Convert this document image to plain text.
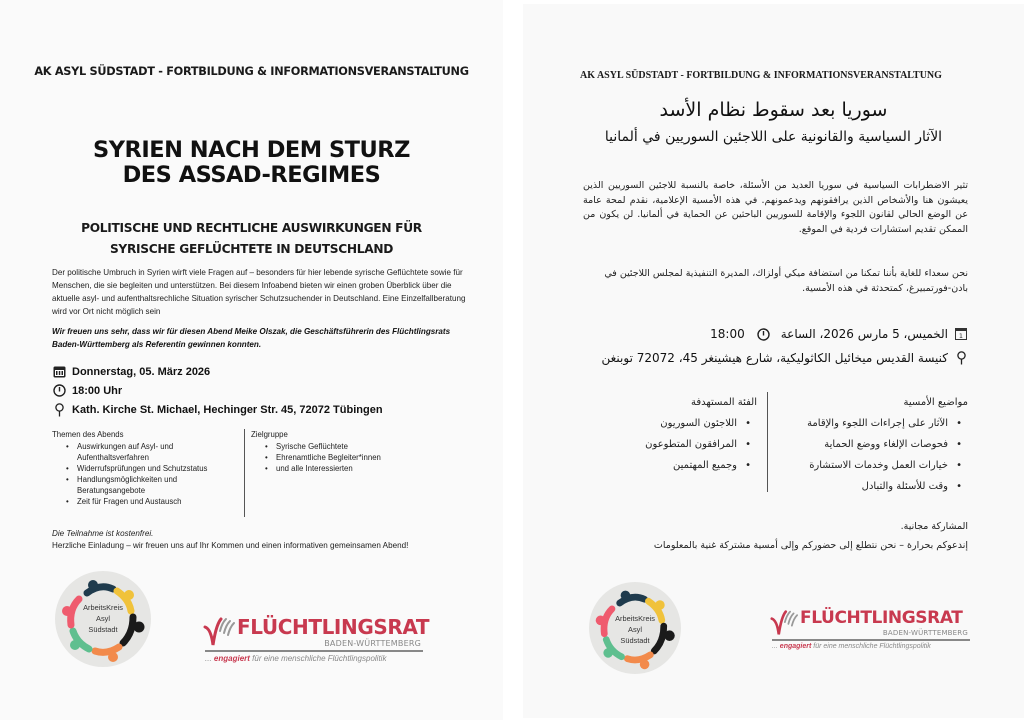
AK ASYL SÜDSTADT - FORTBILDUNG & INFORMATIONSVERANSTALTUNG
SYRIEN NACH DEM STURZ
DES ASSAD-REGIMES
POLITISCHE UND RECHTLICHE AUSWIRKUNGEN FÜR
SYRISCHE GEFLÜCHTETE IN DEUTSCHLAND

Der politische Umbruch in Syrien wirft viele Fragen auf – besonders für hier lebende syrische Geflüchtete sowie für Menschen, die sie begleiten und unterstützen. Bei diesem Infoabend bieten wir einen groben Überblick über die aktuelle asyl- und aufenthaltsrechliche Situation syrischer Schutzsuchender in Deutschland. Eine Einzelfallberatung wird vor Ort nicht möglich sein

Wir freuen uns sehr, dass wir für diesen Abend Meike Olszak, die Geschäftsführerin des Flüchtlingsrats Baden-Württemberg als Referentin gewinnen konnten.

Donnerstag, 05. März 2026
18:00 Uhr
Kath. Kirche St. Michael, Hechinger Str. 45, 72072 Tübingen
Themen des Abends
• Auswirkungen auf Asyl- und Aufenthaltsverfahren
• Widerrufsprüfungen und Schutzstatus
• Handlungsmöglichkeiten und Beratungsangebote
• Zeit für Fragen und Austausch
Zielgruppe
• Syrische Geflüchtete
• Ehrenamtliche Begleiter*innen
• und alle Interessierten
Die Teilnahme ist kostenfrei.
Herzliche Einladung – wir freuen uns auf Ihr Kommen und einen informativen gemeinsamen Abend!
ArbeitsKreis
Asyl
Südstadt	FLÜCHTLINGSRAT
BADEN-WÜRTTEMBERG
... engagiert für eine menschliche Flüchtlingspolitik
AK ASYL SÜDSTADT - FORTBILDUNG & INFORMATIONSVERANSTALTUNG
سوريا بعد سقوط نظام الأسد
الآثار السياسية والقانونية على اللاجئين السوريين في ألمانيا

تثير الاضطرابات السياسية في سوريا العديد من الأسئلة، خاصة بالنسبة للاجئين السوريين الذين يعيشون هنا والأشخاص الذين يرافقونهم ويدعمونهم. في هذه الأمسية الإعلامية، نقدم لمحة عامة عن الوضع الحالي لقانون اللجوء والإقامة للسوريين الباحثين عن الحماية في ألمانيا. لن يكون من الممكن تقديم استشارات فردية في الموقع.

نحن سعداء للغاية بأننا تمكنا من استضافة ميكي أولزاك، المديرة التنفيذية لمجلس اللاجئين في بادن-فورتمبيرغ، كمتحدثة في هذه الأمسية.

1
الخميس، 5 مارس 2026، الساعة
18:00
كنيسة القديس ميخائيل الكاثوليكية، شارع هيشينغر 45، 72072 توبنغن
مواضيع الأمسية
• الآثار على إجراءات اللجوء والإقامة
• فحوصات الإلغاء ووضع الحماية
• خيارات العمل وخدمات الاستشارة
• وقت للأسئلة والتبادل
الفئة المستهدفة
• اللاجئون السوريون
• المرافقون المتطوعون
• وجميع المهتمين
المشاركة مجانية.
إندعوكم بحرارة – نحن نتطلع إلى حضوركم وإلى أمسية مشتركة غنية بالمعلومات
ArbeitsKreis
Asyl
Südstadt
FLÜCHTLINGSRAT
BADEN-WÜRTTEMBERG
... engagiert für eine menschliche Flüchtlingspolitik
